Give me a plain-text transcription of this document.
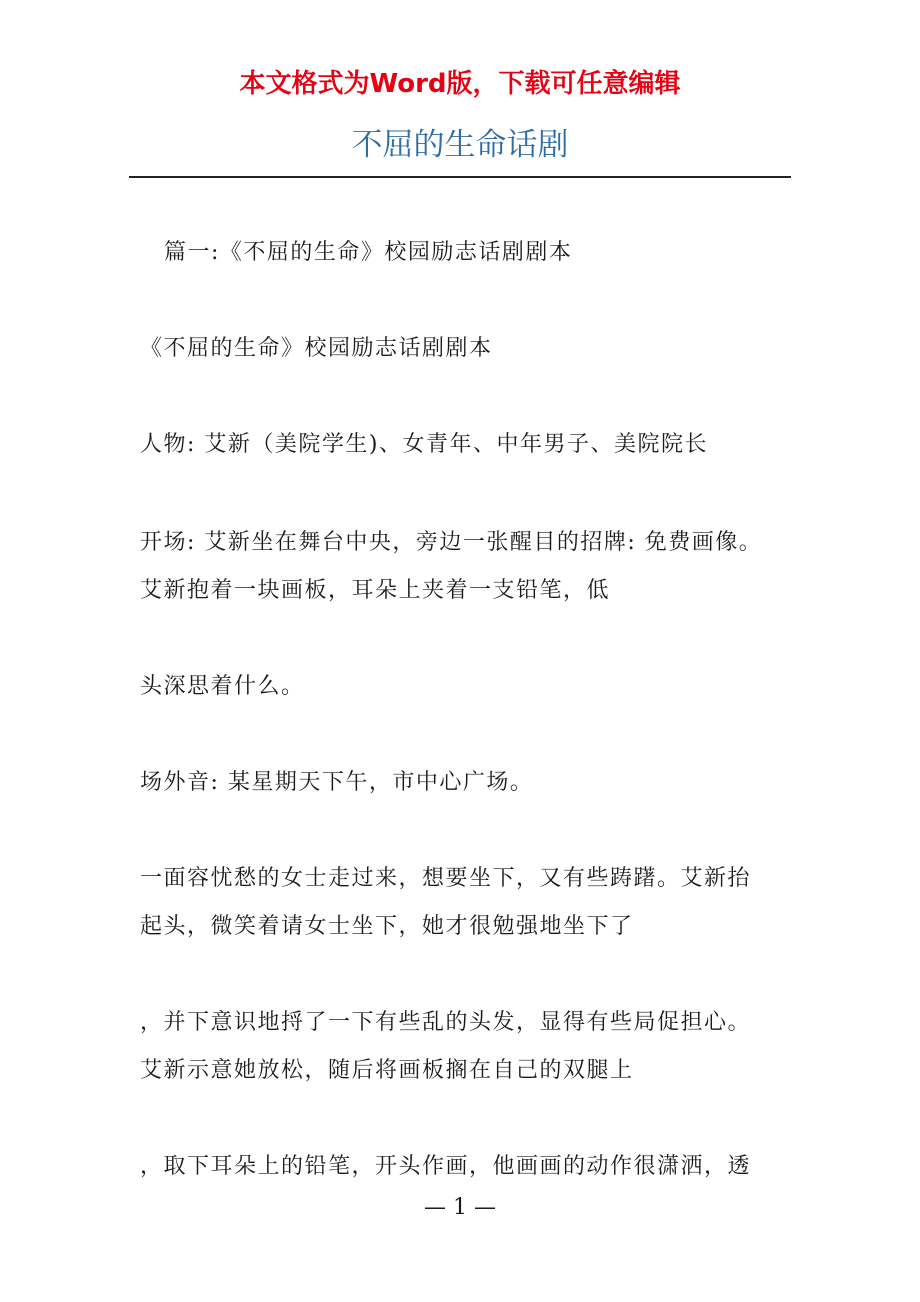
本文格式为Word版，下载可任意编辑
不屈的生命话剧
篇一:《不屈的生命》校园励志话剧剧本
《不屈的生命》校园励志话剧剧本
人物: 艾新（美院学生)、女青年、中年男子、美院院长
开场: 艾新坐在舞台中央，旁边一张醒目的招牌: 免费画像。
艾新抱着一块画板，耳朵上夹着一支铅笔，低
头深思着什么。
场外音: 某星期天下午，市中心广场。
一面容忧愁的女士走过来，想要坐下，又有些踌躇。艾新抬
起头，微笑着请女士坐下，她才很勉强地坐下了
，并下意识地捋了一下有些乱的头发，显得有些局促担心。
艾新示意她放松，随后将画板搁在自己的双腿上
，取下耳朵上的铅笔，开头作画，他画画的动作很潇洒，透
— 1 —
